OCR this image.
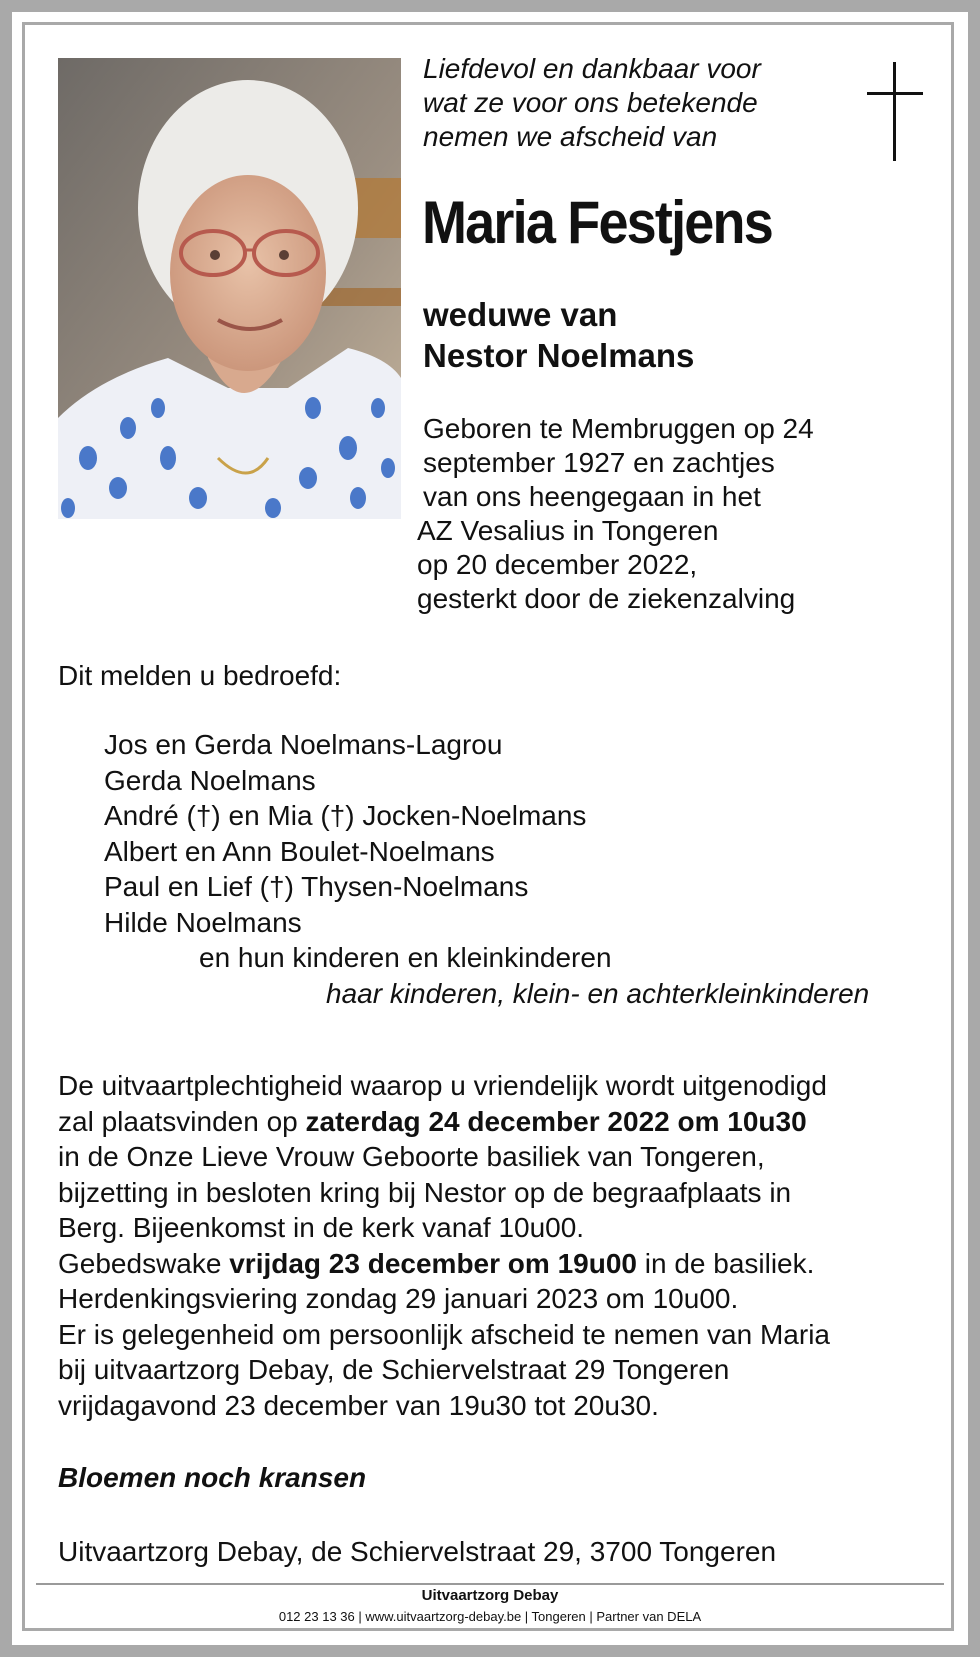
Liefdevol en dankbaar voor
wat ze voor ons betekende
nemen we afscheid van
Maria Festjens
weduwe van
Nestor Noelmans
Geboren te Membruggen op 24
september 1927 en zachtjes
van ons heengegaan in het
AZ Vesalius in Tongeren
op 20 december 2022,
gesterkt door de ziekenzalving
Dit melden u bedroefd:
Jos en Gerda Noelmans-Lagrou
Gerda Noelmans
André (†) en Mia (†) Jocken-Noelmans
Albert en Ann Boulet-Noelmans
Paul en Lief (†) Thysen-Noelmans
Hilde Noelmans
en hun kinderen en kleinkinderen
haar kinderen, klein- en achterkleinkinderen
De uitvaartplechtigheid waarop u vriendelijk wordt uitgenodigd
zal plaatsvinden op zaterdag 24 december 2022 om 10u30
in de Onze Lieve Vrouw Geboorte basiliek van Tongeren,
bijzetting in besloten kring bij Nestor op de begraafplaats in
Berg. Bijeenkomst in de kerk vanaf 10u00.
Gebedswake vrijdag 23 december om 19u00 in de basiliek.
Herdenkingsviering zondag 29 januari 2023 om 10u00.
Er is gelegenheid om persoonlijk afscheid te nemen van Maria
bij uitvaartzorg Debay, de Schiervelstraat 29 Tongeren
vrijdagavond 23 december van 19u30 tot 20u30.
Bloemen noch kransen
Uitvaartzorg Debay, de Schiervelstraat 29, 3700 Tongeren
Uitvaartzorg Debay
012 23 13 36 | www.uitvaartzorg-debay.be | Tongeren | Partner van DELA
